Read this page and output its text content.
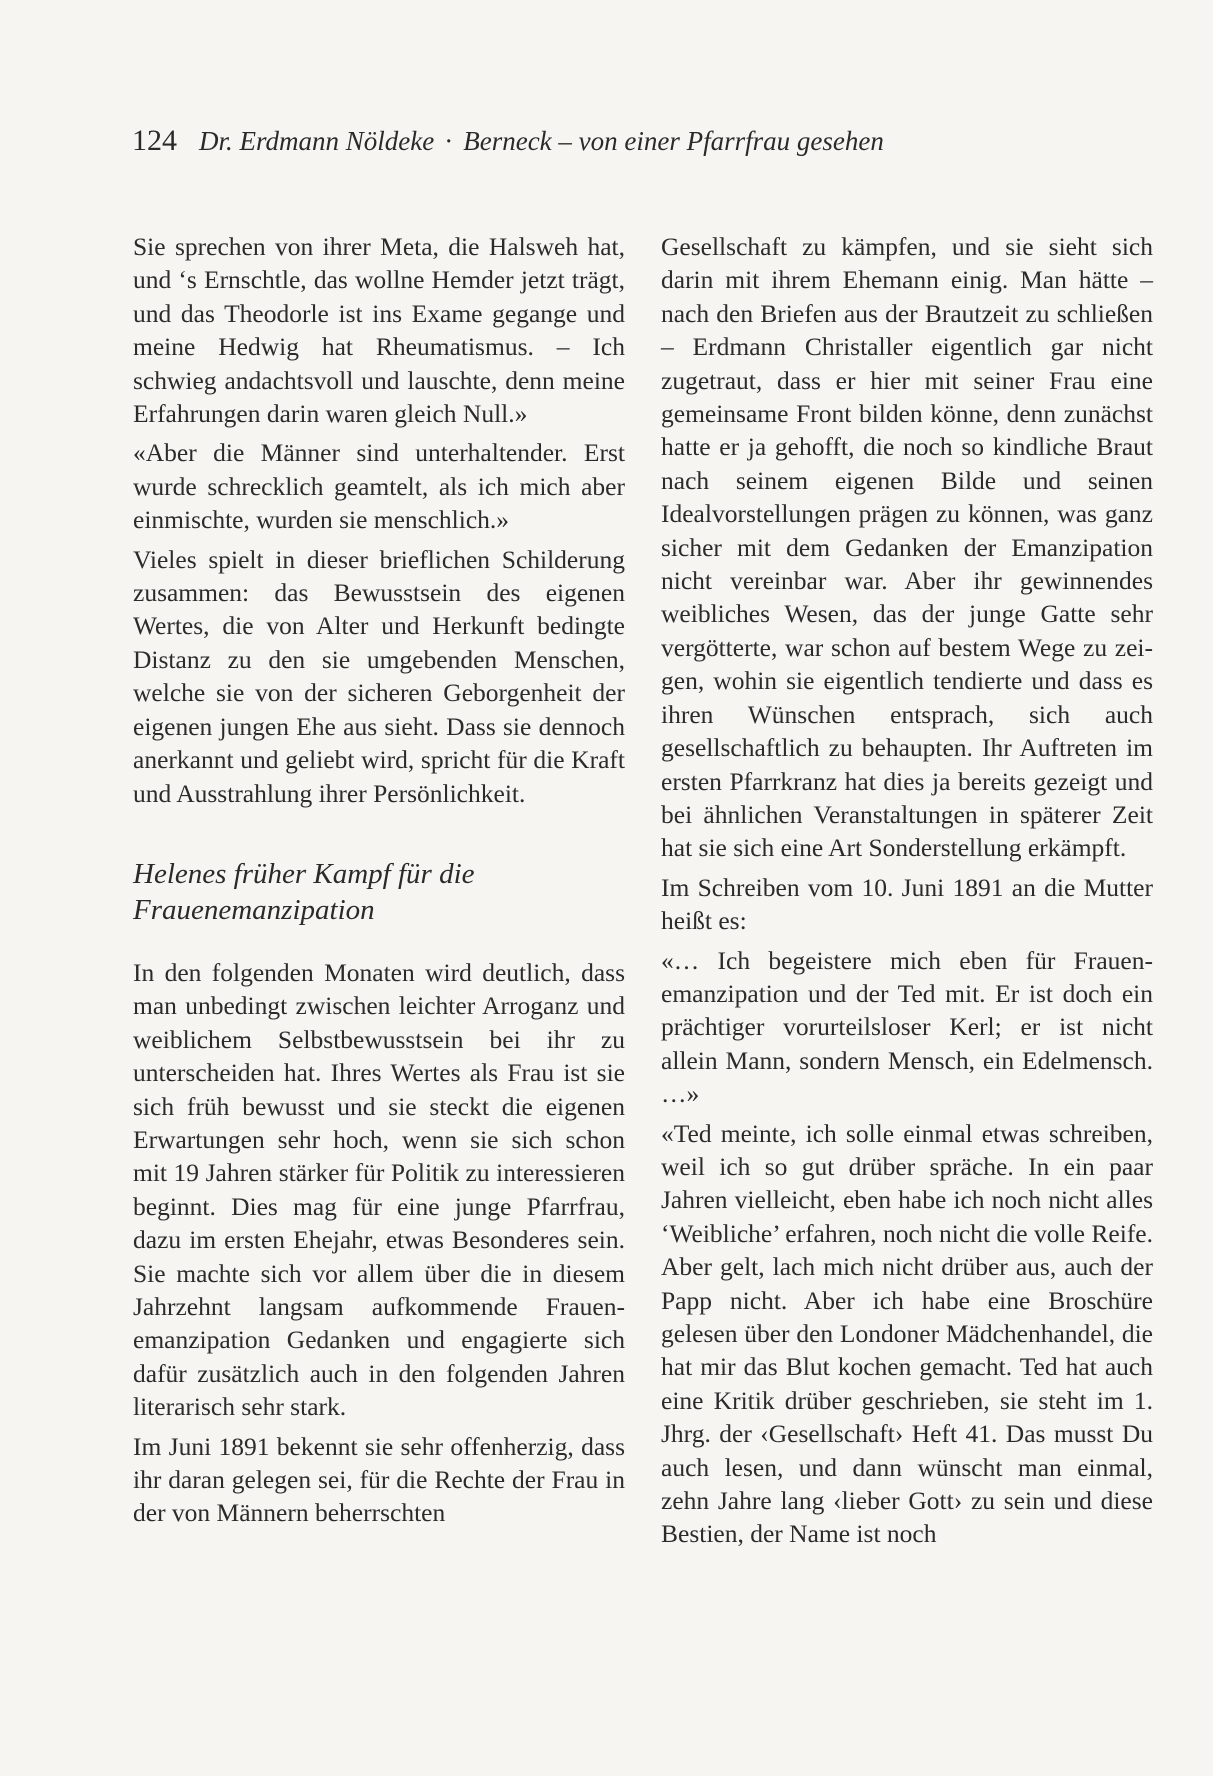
124 Dr. Erdmann Nöldeke · Berneck – von einer Pfarrfrau gesehen

Sie sprechen von ihrer Meta, die Halsweh hat, und ‘s Ernschtle, das wollne Hemder jetzt trägt, und das Theodorle ist ins Exame gegange und meine Hedwig hat Rheumatismus. – Ich schwieg andachtsvoll und lauschte, denn meine Erfahrungen darin waren gleich Null.»

«Aber die Männer sind unterhaltender. Erst wurde schrecklich geamtelt, als ich mich aber einmischte, wurden sie menschlich.»

Vieles spielt in dieser brieflichen Schilderung zusammen: das Bewusstsein des eigenen Wertes, die von Alter und Herkunft bedingte Distanz zu den sie umgebenden Menschen, welche sie von der sicheren Geborgenheit der eigenen jungen Ehe aus sieht. Dass sie dennoch anerkannt und geliebt wird, spricht für die Kraft und Ausstrahlung ihrer Persönlichkeit.

Helenes früher Kampf für die Frauenemanzipation

In den folgenden Monaten wird deutlich, dass man unbedingt zwischen leichter Arroganz und weiblichem Selbstbewusstsein bei ihr zu unterscheiden hat. Ihres Wertes als Frau ist sie sich früh bewusst und sie steckt die eigenen Erwartungen sehr hoch, wenn sie sich schon mit 19 Jahren stärker für Politik zu interessieren beginnt. Dies mag für eine junge Pfarrfrau, dazu im ersten Ehejahr, etwas Besonderes sein. Sie machte sich vor allem über die in diesem Jahrzehnt langsam aufkommende Frauenemanzipation Gedanken und engagierte sich dafür zusätzlich auch in den folgenden Jahren literarisch sehr stark.

Im Juni 1891 bekennt sie sehr offenherzig, dass ihr daran gelegen sei, für die Rechte der Frau in der von Männern beherrschten

Gesellschaft zu kämpfen, und sie sieht sich darin mit ihrem Ehemann einig. Man hätte – nach den Briefen aus der Brautzeit zu schließen – Erdmann Christaller eigentlich gar nicht zugetraut, dass er hier mit seiner Frau eine gemeinsame Front bilden könne, denn zunächst hatte er ja gehofft, die noch so kindliche Braut nach seinem eigenen Bilde und seinen Idealvorstellungen prägen zu können, was ganz sicher mit dem Gedanken der Emanzipation nicht vereinbar war. Aber ihr gewinnendes weibliches Wesen, das der junge Gatte sehr vergötterte, war schon auf bestem Wege zu zeigen, wohin sie eigentlich tendierte und dass es ihren Wünschen entsprach, sich auch gesellschaftlich zu behaupten. Ihr Auftreten im ersten Pfarrkranz hat dies ja bereits gezeigt und bei ähnlichen Veranstaltungen in späterer Zeit hat sie sich eine Art Sonderstellung erkämpft.

Im Schreiben vom 10. Juni 1891 an die Mutter heißt es:

«… Ich begeistere mich eben für Frauenemanzipation und der Ted mit. Er ist doch ein prächtiger vorurteilsloser Kerl; er ist nicht allein Mann, sondern Mensch, ein Edelmensch. …»

«Ted meinte, ich solle einmal etwas schreiben, weil ich so gut drüber spräche. In ein paar Jahren vielleicht, eben habe ich noch nicht alles ‘Weibliche’ erfahren, noch nicht die volle Reife. Aber gelt, lach mich nicht drüber aus, auch der Papp nicht. Aber ich habe eine Broschüre gelesen über den Londoner Mädchenhandel, die hat mir das Blut kochen gemacht. Ted hat auch eine Kritik drüber geschrieben, sie steht im 1. Jhrg. der ‹Gesellschaft› Heft 41. Das musst Du auch lesen, und dann wünscht man einmal, zehn Jahre lang ‹lieber Gott› zu sein und diese Bestien, der Name ist noch
